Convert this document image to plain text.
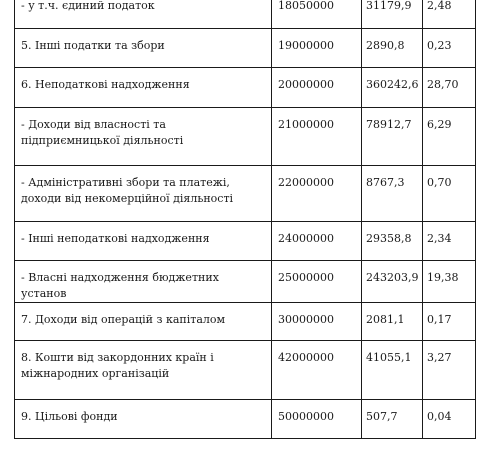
- у т.ч. єдиний податок	18050000	31179,9	2,48
5. Інші податки та збори	19000000	2890,8	0,23
6. Неподаткові надходження	20000000	360242,6	28,70
- Доходи від власності та підприємницької діяльності	21000000	78912,7	6,29
- Адміністративні збори та платежі, доходи від некомерційної діяльності	22000000	8767,3	0,70
- Інші неподаткові надходження	24000000	29358,8	2,34
- Власні надходження бюджетних установ	25000000	243203,9	19,38
7. Доходи від операцій з капіталом	30000000	2081,1	0,17
8. Кошти від закордонних країн і міжнародних організацій	42000000	41055,1	3,27
9. Цільові фонди	50000000	507,7	0,04
